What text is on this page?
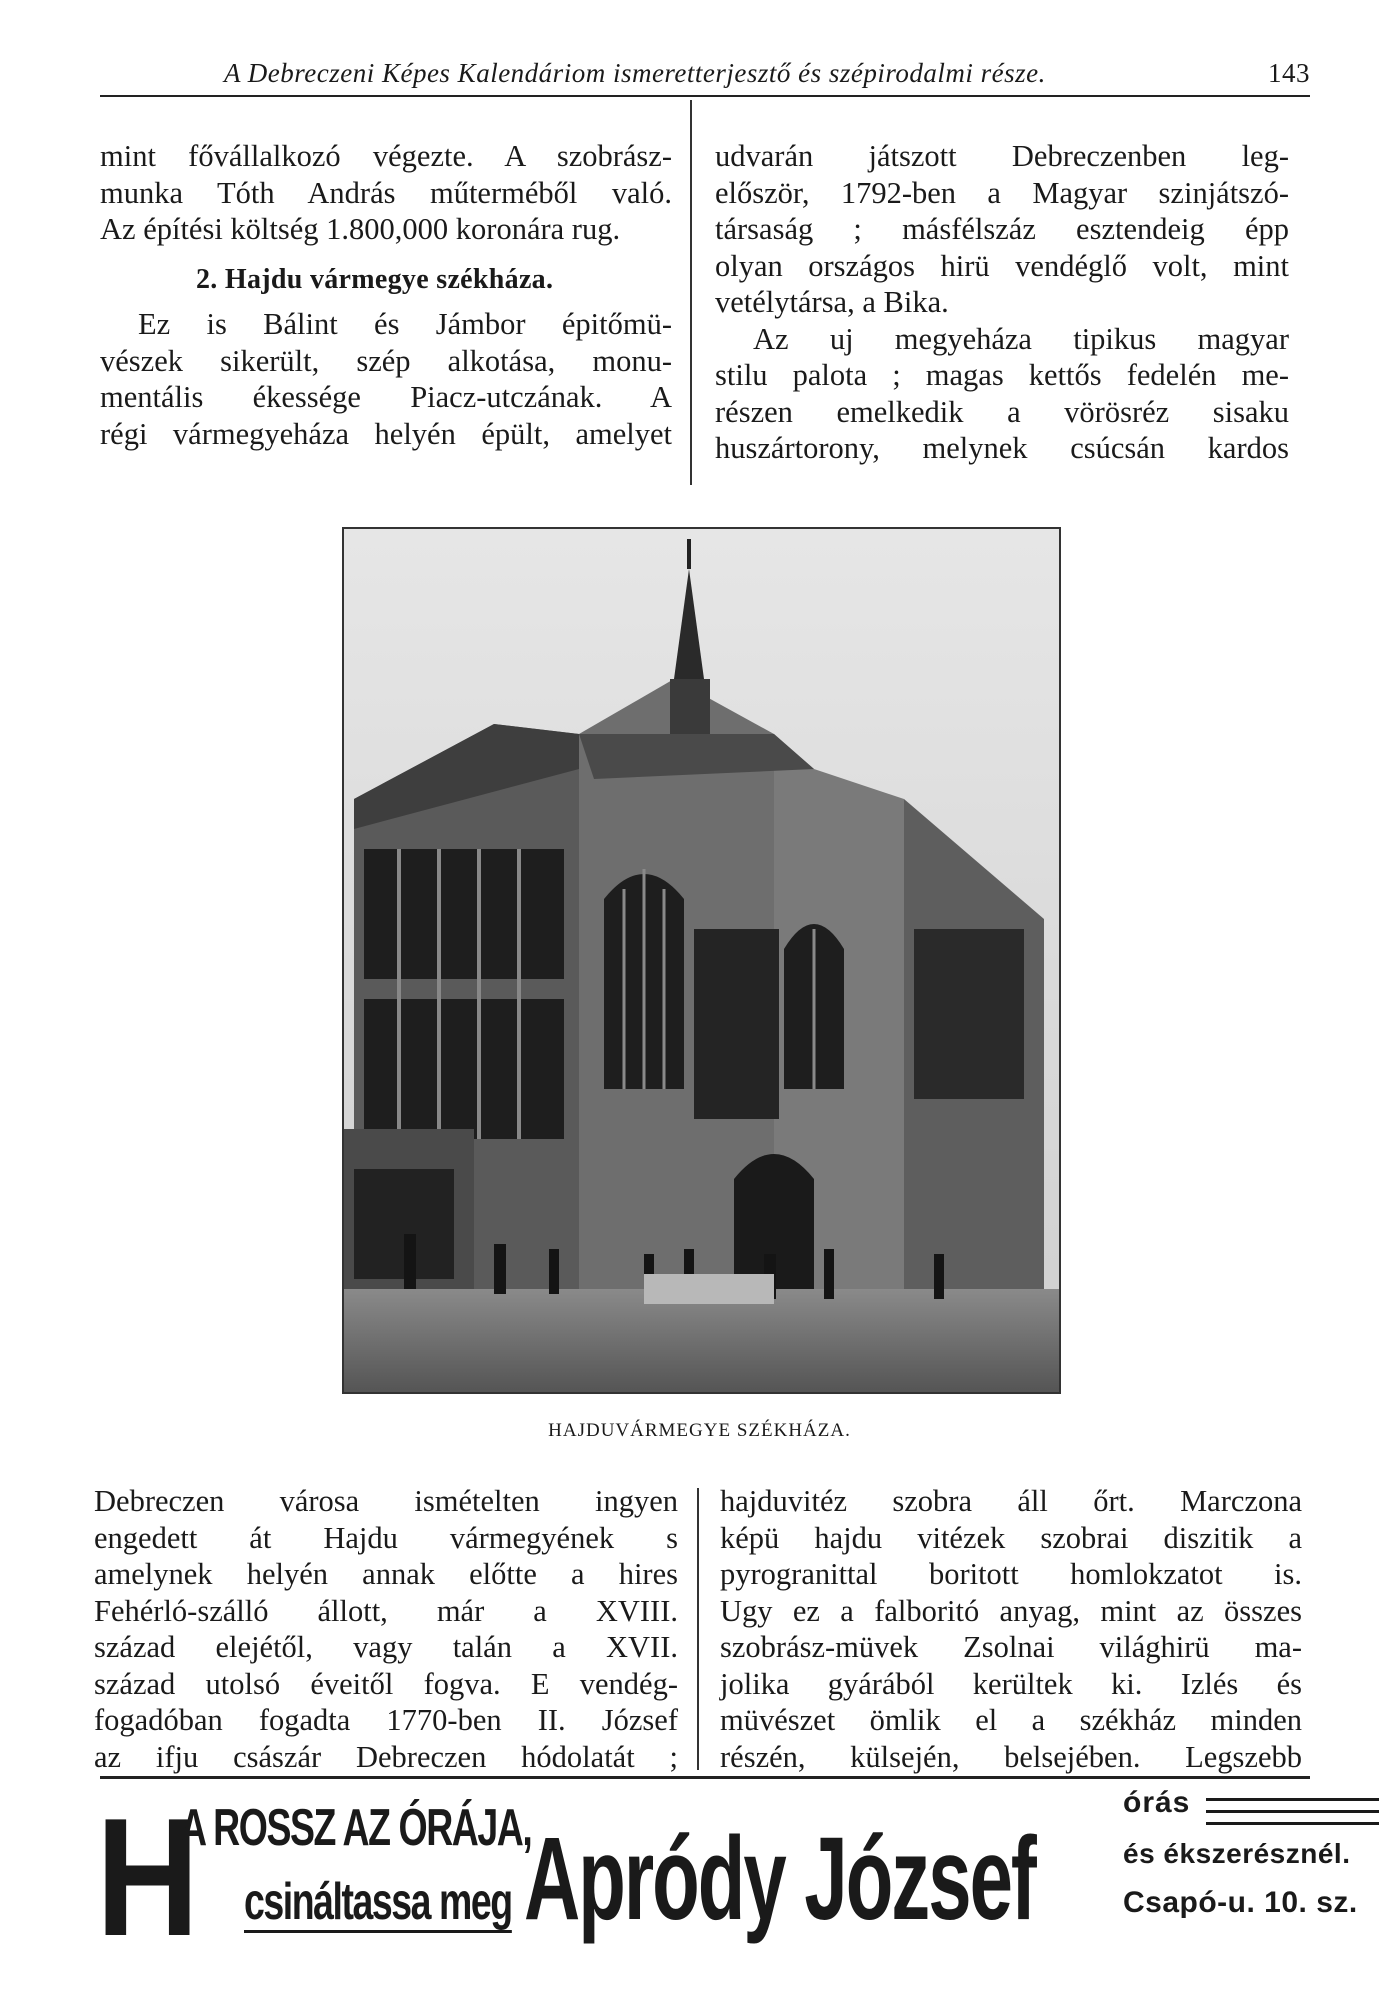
A Debreczeni Képes Kalendáriom ismeretterjesztő és szépirodalmi része.	143
mint fővállalkozó végezte. A szobrász-
munka Tóth András műterméből való.
Az építési költség 1.800,000 koronára rug.
2. Hajdu vármegye székháza.
Ez is Bálint és Jámbor épitőmü-
vészek sikerült, szép alkotása, monu-
mentális ékessége Piacz-utczának. A
régi vármegyeháza helyén épült, amelyet
udvarán játszott Debreczenben leg-
először, 1792-ben a Magyar szinjátszó-
társaság ; másfélszáz esztendeig épp
olyan országos hirü vendéglő volt, mint
vetélytársa, a Bika.
Az uj megyeháza tipikus magyar
stilu palota ; magas kettős fedelén me-
részen emelkedik a vörösréz sisaku
huszártorony, melynek csúcsán kardos
HAJDUVÁRMEGYE SZÉKHÁZA.
Debreczen városa ismételten ingyen
engedett át Hajdu vármegyének s
amelynek helyén annak előtte a hires
Fehérló-szálló állott, már a XVIII.
század elejétől, vagy talán a XVII.
század utolsó éveitől fogva. E vendég-
fogadóban fogadta 1770-ben II. József
az ifju császár Debreczen hódolatát ;
hajduvitéz szobra áll őrt. Marczona
képü hajdu vitézek szobrai diszitik a
pyrogranittal boritott homlokzatot is.
Ugy ez a falboritó anyag, mint az összes
szobrász-müvek Zsolnai világhirü ma-
jolika gyárából kerültek ki. Izlés és
müvészet ömlik el a székház minden
részén, külsején, belsejében. Legszebb
H
A ROSSZ AZ ÓRÁJA,
csináltassa meg Apródy József
órás
és ékszerésznél.
Csapó-u. 10. sz.
